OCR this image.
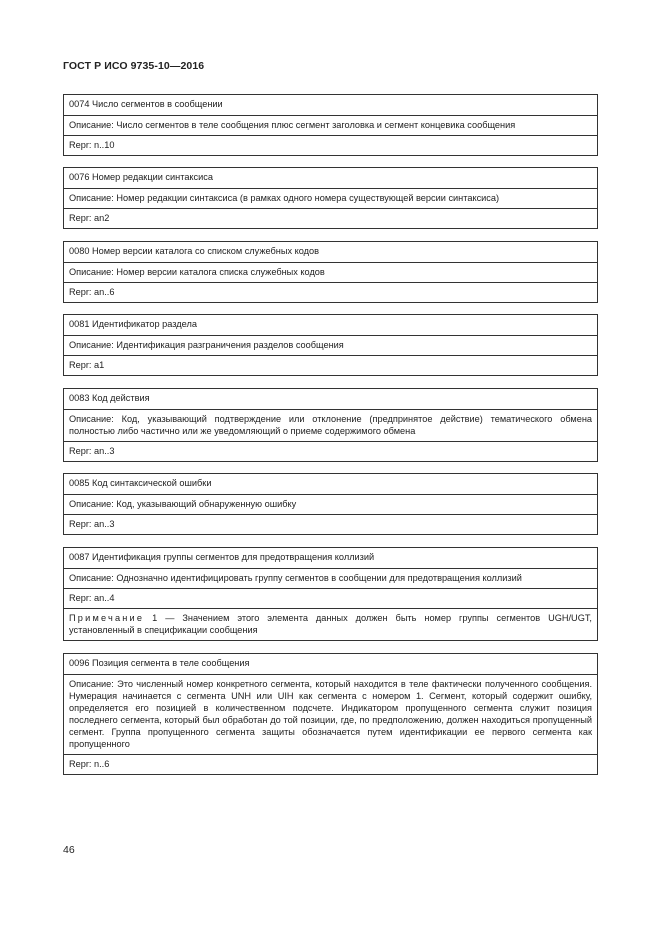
ГОСТ Р ИСО 9735-10—2016
0074 Число сегментов в сообщении
Описание: Число сегментов в теле сообщения плюс сегмент заголовка и сегмент концевика сообщения
Repr: n..10
0076 Номер редакции синтаксиса
Описание: Номер редакции синтаксиса (в рамках одного номера существующей версии синтаксиса)
Repr: an2
0080 Номер версии каталога со списком служебных кодов
Описание: Номер версии каталога списка служебных кодов
Repr: an..6
0081 Идентификатор раздела
Описание: Идентификация разграничения разделов сообщения
Repr: a1
0083 Код действия
Описание: Код, указывающий подтверждение или отклонение (предпринятое действие) тематического обмена полностью либо частично или же уведомляющий о приеме содержимого обмена
Repr: an..3
0085 Код синтаксической ошибки
Описание: Код, указывающий обнаруженную ошибку
Repr: an..3
0087 Идентификация группы сегментов для предотвращения коллизий
Описание: Однозначно идентифицировать группу сегментов в сообщении для предотвращения коллизий
Repr: an..4
Примечание 1 — Значением этого элемента данных должен быть номер группы сегментов UGH/UGT, установленный в спецификации сообщения
0096 Позиция сегмента в теле сообщения
Описание: Это численный номер конкретного сегмента, который находится в теле фактически полученного сообщения. Нумерация начинается с сегмента UNH или UIH как сегмента с номером 1. Сегмент, который содержит ошибку, определяется его позицией в количественном подсчете. Индикатором пропущенного сегмента служит позиция последнего сегмента, который был обработан до той позиции, где, по предположению, должен находиться пропущенный сегмент. Группа пропущенного сегмента защиты обозначается путем идентификации ее первого сегмента как пропущенного
Repr: n..6
46
